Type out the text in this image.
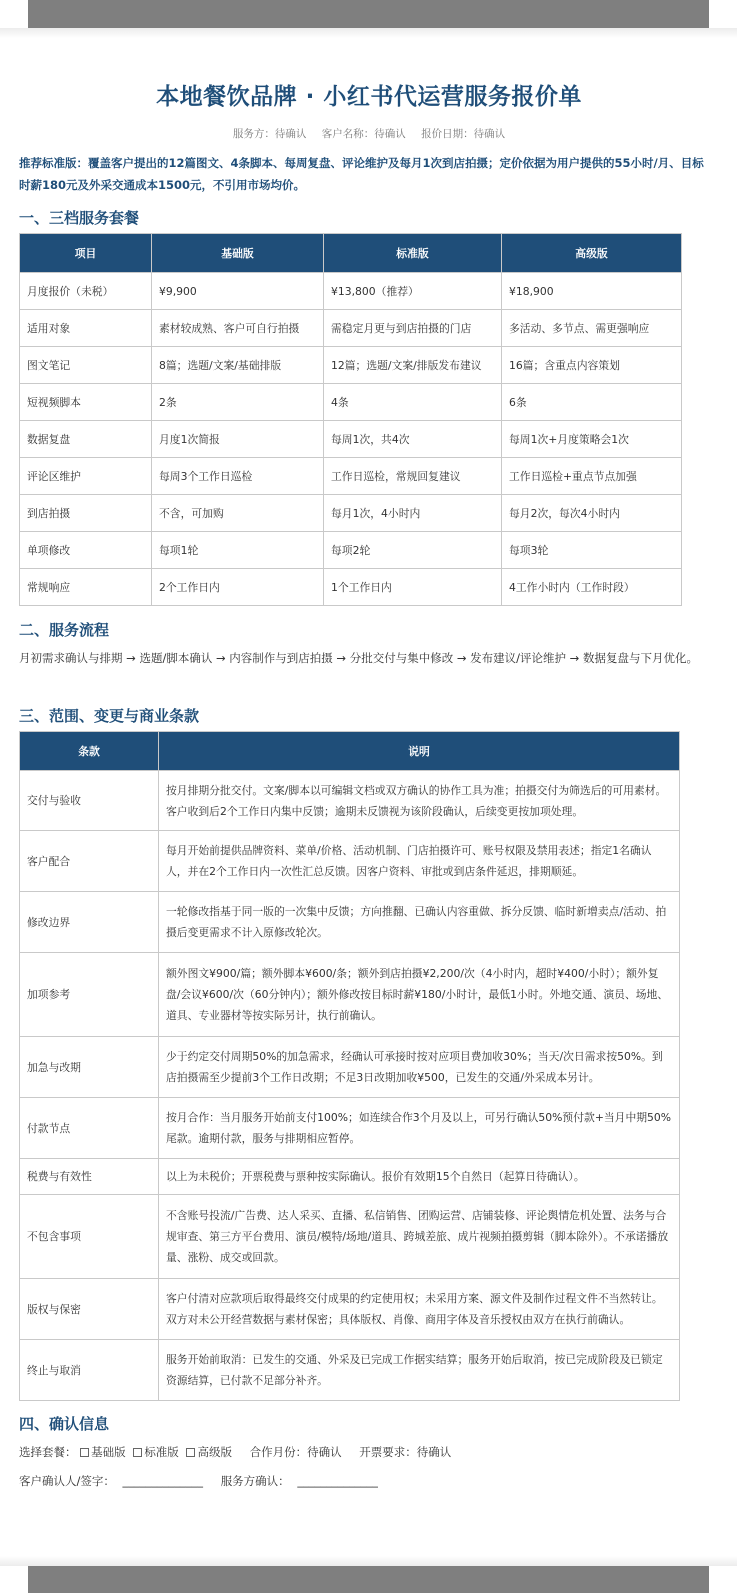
本地餐饮品牌 · 小红书代运营服务报价单
服务方：待确认 客户名称：待确认 报价日期：待确认
推荐标准版：覆盖客户提出的12篇图文、4条脚本、每周复盘、评论维护及每月1次到店拍摄；定价依据为用户提供的55小时/月、目标时薪180元及外采交通成本1500元，不引用市场均价。
一、三档服务套餐
项目	基础版	标准版	高级版
月度报价（未税）	¥9,900	¥13,800（推荐）	¥18,900
适用对象	素材较成熟、客户可自行拍摄	需稳定月更与到店拍摄的门店	多活动、多节点、需更强响应
图文笔记	8篇；选题/文案/基础排版	12篇；选题/文案/排版发布建议	16篇；含重点内容策划
短视频脚本	2条	4条	6条
数据复盘	月度1次简报	每周1次，共4次	每周1次+月度策略会1次
评论区维护	每周3个工作日巡检	工作日巡检，常规回复建议	工作日巡检+重点节点加强
到店拍摄	不含，可加购	每月1次，4小时内	每月2次，每次4小时内
单项修改	每项1轮	每项2轮	每项3轮
常规响应	2个工作日内	1个工作日内	4工作小时内（工作时段）
二、服务流程
月初需求确认与排期 → 选题/脚本确认 → 内容制作与到店拍摄 → 分批交付与集中修改 → 发布建议/评论维护 → 数据复盘与下月优化。
三、范围、变更与商业条款
条款	说明
交付与验收	按月排期分批交付。文案/脚本以可编辑文档或双方确认的协作工具为准；拍摄交付为筛选后的可用素材。客户收到后2个工作日内集中反馈；逾期未反馈视为该阶段确认，后续变更按加项处理。
客户配合	每月开始前提供品牌资料、菜单/价格、活动机制、门店拍摄许可、账号权限及禁用表述；指定1名确认人，并在2个工作日内一次性汇总反馈。因客户资料、审批或到店条件延迟，排期顺延。
修改边界	一轮修改指基于同一版的一次集中反馈；方向推翻、已确认内容重做、拆分反馈、临时新增卖点/活动、拍摄后变更需求不计入原修改轮次。
加项参考	额外图文¥900/篇；额外脚本¥600/条；额外到店拍摄¥2,200/次（4小时内，超时¥400/小时）；额外复盘/会议¥600/次（60分钟内）；额外修改按目标时薪¥180/小时计，最低1小时。外地交通、演员、场地、道具、专业器材等按实际另计，执行前确认。
加急与改期	少于约定交付周期50%的加急需求，经确认可承接时按对应项目费加收30%；当天/次日需求按50%。到店拍摄需至少提前3个工作日改期；不足3日改期加收¥500，已发生的交通/外采成本另计。
付款节点	按月合作：当月服务开始前支付100%；如连续合作3个月及以上，可另行确认50%预付款+当月中期50%尾款。逾期付款，服务与排期相应暂停。
税费与有效性	以上为未税价；开票税费与票种按实际确认。报价有效期15个自然日（起算日待确认）。
不包含事项	不含账号投流/广告费、达人采买、直播、私信销售、团购运营、店铺装修、评论舆情危机处置、法务与合规审查、第三方平台费用、演员/模特/场地/道具、跨城差旅、成片视频拍摄剪辑（脚本除外）。不承诺播放量、涨粉、成交或回款。
版权与保密	客户付清对应款项后取得最终交付成果的约定使用权；未采用方案、源文件及制作过程文件不当然转让。双方对未公开经营数据与素材保密；具体版权、肖像、商用字体及音乐授权由双方在执行前确认。
终止与取消	服务开始前取消：已发生的交通、外采及已完成工作据实结算；服务开始后取消，按已完成阶段及已锁定资源结算，已付款不足部分补齐。
四、确认信息
选择套餐： 基础版 标准版 高级版 合作月份：待确认 开票要求：待确认
客户确认人/签字： ______________ 服务方确认： ______________
